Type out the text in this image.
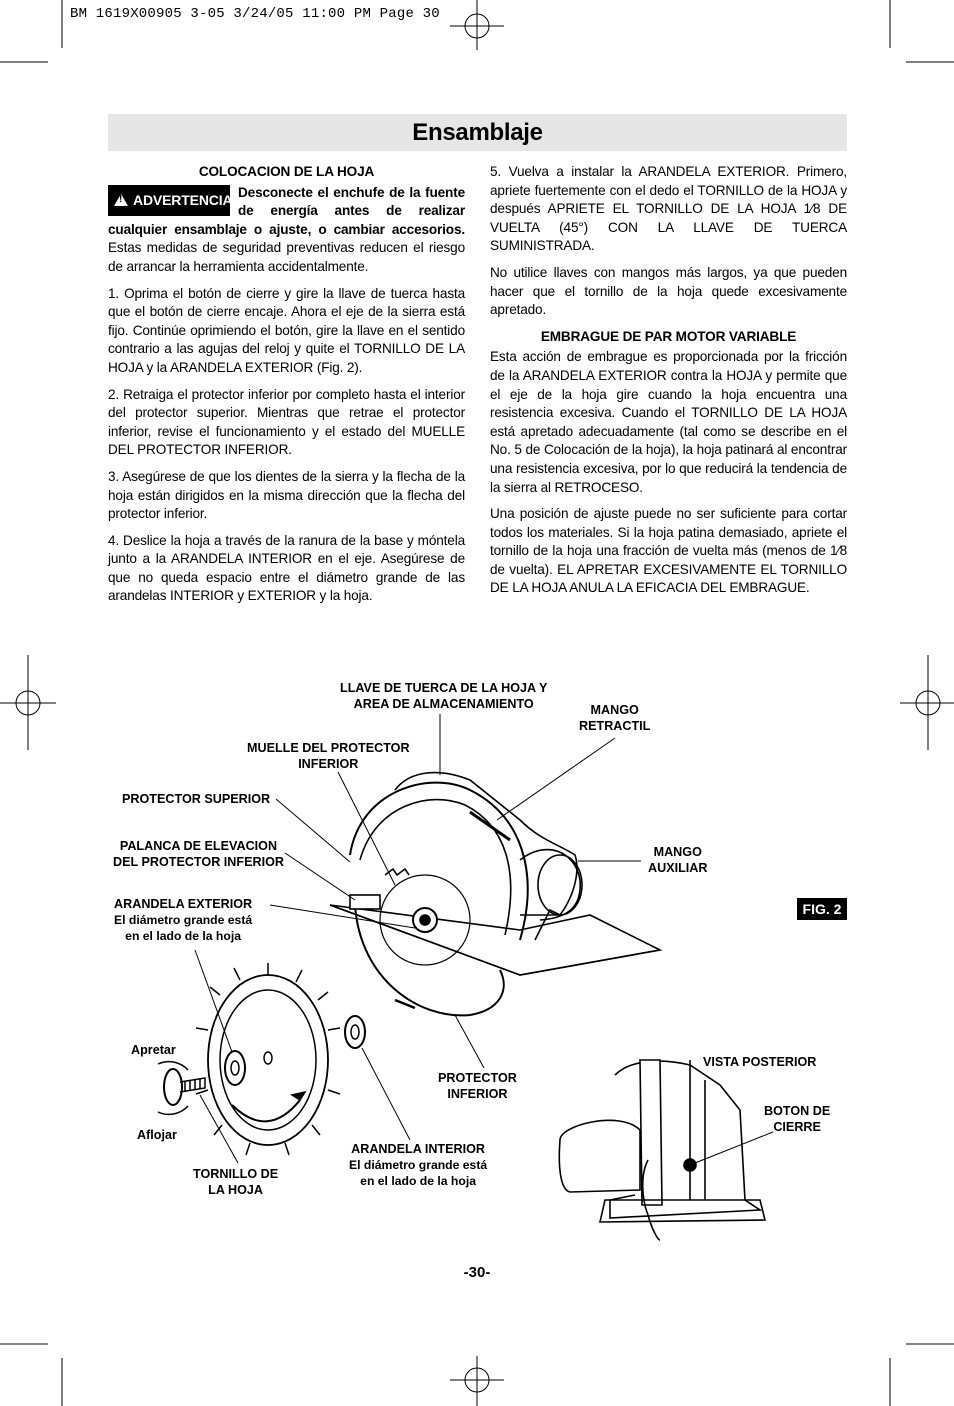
BM 1619X00905 3-05 3/24/05 11:00 PM Page 30
Ensamblaje

COLOCACION DE LA HOJA

!ADVERTENCIA Desconecte el enchufe de la fuente de energía antes de realizar cualquier ensamblaje o ajuste, o cambiar accesorios. Estas medidas de seguridad preventivas reducen el riesgo de arrancar la herramienta accidentalmente.

1. Oprima el botón de cierre y gire la llave de tuerca hasta que el botón de cierre encaje. Ahora el eje de la sierra está fijo. Continúe oprimiendo el botón, gire la llave en el sentido contrario a las agujas del reloj y quite el TORNILLO DE LA HOJA y la ARANDELA EXTERIOR (Fig. 2).

2. Retraiga el protector inferior por completo hasta el interior del protector superior. Mientras que retrae el protector inferior, revise el funcionamiento y el estado del MUELLE DEL PROTECTOR INFERIOR.

3. Asegúrese de que los dientes de la sierra y la flecha de la hoja están dirigidos en la misma dirección que la flecha del protector inferior.

4. Deslice la hoja a través de la ranura de la base y móntela junto a la ARANDELA INTERIOR en el eje. Asegúrese de que no queda espacio entre el diámetro grande de las arandelas INTERIOR y EXTERIOR y la hoja.

5. Vuelva a instalar la ARANDELA EXTERIOR. Primero, apriete fuertemente con el dedo el TORNILLO de la HOJA y después APRIETE EL TORNILLO DE LA HOJA 1⁄8 DE VUELTA (45°) CON LA LLAVE DE TUERCA SUMINISTRADA.

No utilice llaves con mangos más largos, ya que pueden hacer que el tornillo de la hoja quede excesivamente apretado.

EMBRAGUE DE PAR MOTOR VARIABLE

Esta acción de embrague es proporcionada por la fricción de la ARANDELA EXTERIOR contra la HOJA y permite que el eje de la hoja gire cuando la hoja encuentra una resistencia excesiva. Cuando el TORNILLO DE LA HOJA está apretado adecuadamente (tal como se describe en el No. 5 de Colocación de la hoja), la hoja patinará al encontrar una resistencia excesiva, por lo que reducirá la tendencia de la sierra al RETROCESO.

Una posición de ajuste puede no ser suficiente para cortar todos los materiales. Si la hoja patina demasiado, apriete el tornillo de la hoja una fracción de vuelta más (menos de 1⁄8 de vuelta). EL APRETAR EXCESIVAMENTE EL TORNILLO DE LA HOJA ANULA LA EFICACIA DEL EMBRAGUE.

LLAVE DE TUERCA DE LA HOJA Y
AREA DE ALMACENAMIENTO	MANGO
RETRACTIL
MUELLE DEL PROTECTOR
INFERIOR
PROTECTOR SUPERIOR
PALANCA DE ELEVACION
DEL PROTECTOR INFERIOR
MANGO
AUXILIAR
ARANDELA EXTERIOR
El diámetro grande está
en el lado de la hoja
FIG. 2
Apretar
Aflojar
TORNILLO DE
LA HOJA
PROTECTOR
INFERIOR
ARANDELA INTERIOR
El diámetro grande está
en el lado de la hoja
VISTA POSTERIOR
BOTON DE
CIERRE
-30-
